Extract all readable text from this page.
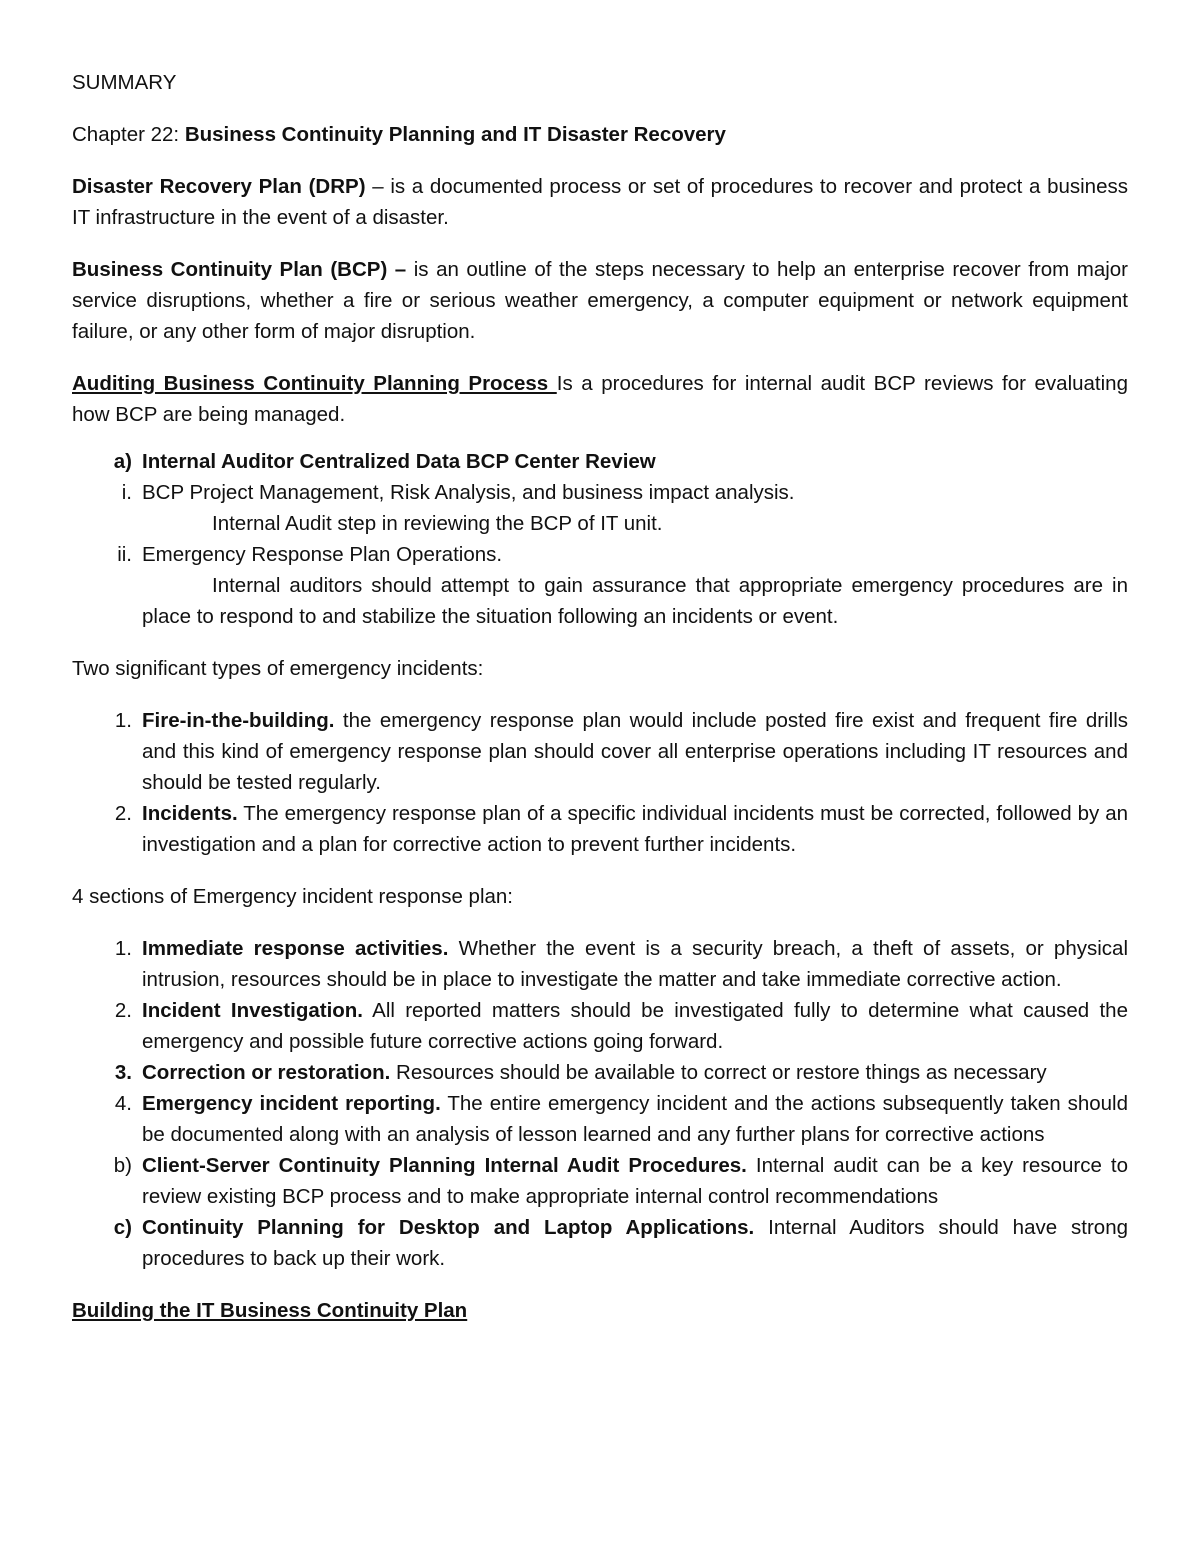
SUMMARY

Chapter 22: Business Continuity Planning and IT Disaster Recovery

Disaster Recovery Plan (DRP) – is a documented process or set of procedures to recover and protect a business IT infrastructure in the event of a disaster.

Business Continuity Plan (BCP) – is an outline of the steps necessary to help an enterprise recover from major service disruptions, whether a fire or serious weather emergency, a computer equipment or network equipment failure, or any other form of major disruption.

Auditing Business Continuity Planning Process Is a procedures for internal audit BCP reviews for evaluating how BCP are being managed.

a) Internal Auditor Centralized Data BCP Center Review
i. BCP Project Management, Risk Analysis, and business impact analysis.

Internal Audit step in reviewing the BCP of IT unit.

ii. Emergency Response Plan Operations.

Internal auditors should attempt to gain assurance that appropriate emergency procedures are in place to respond to and stabilize the situation following an incidents or event.

Two significant types of emergency incidents:

1. Fire-in-the-building. the emergency response plan would include posted fire exist and frequent fire drills and this kind of emergency response plan should cover all enterprise operations including IT resources and should be tested regularly.
2. Incidents. The emergency response plan of a specific individual incidents must be corrected, followed by an investigation and a plan for corrective action to prevent further incidents.

4 sections of Emergency incident response plan:

1. Immediate response activities. Whether the event is a security breach, a theft of assets, or physical intrusion, resources should be in place to investigate the matter and take immediate corrective action.
2. Incident Investigation. All reported matters should be investigated fully to determine what caused the emergency and possible future corrective actions going forward.
3. Correction or restoration. Resources should be available to correct or restore things as necessary
4. Emergency incident reporting. The entire emergency incident and the actions subsequently taken should be documented along with an analysis of lesson learned and any further plans for corrective actions
b) Client-Server Continuity Planning Internal Audit Procedures. Internal audit can be a key resource to review existing BCP process and to make appropriate internal control recommendations
c) Continuity Planning for Desktop and Laptop Applications. Internal Auditors should have strong procedures to back up their work.

Building the IT Business Continuity Plan
